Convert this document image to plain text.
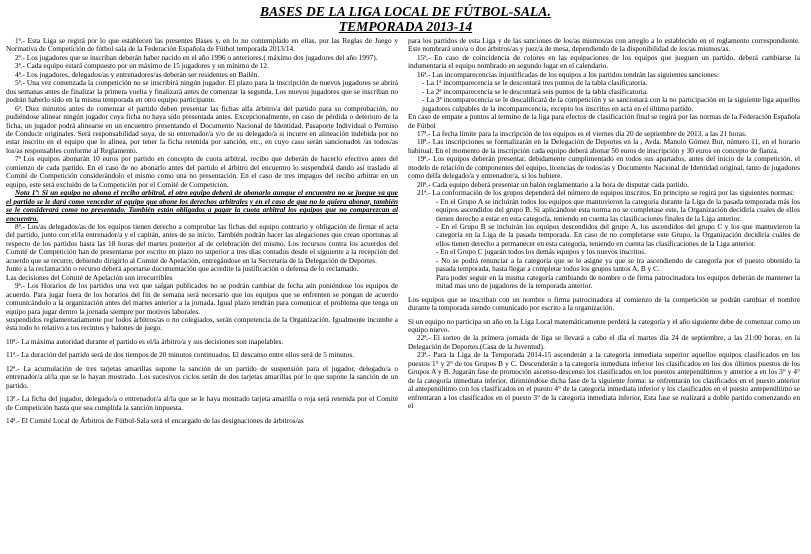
BASES DE LA LIGA LOCAL DE FÚTBOL-SALA.
TEMPORADA 2013-14

1ª.- Esta Liga se regirá por lo que establecen las presentes Bases y, en lo no contemplado en ellas, por las Reglas de Juego y Normativa de Competición de fútbol sala de la Federación Española de Fútbol temporada 2013/14.

2ª.- Los jugadores que se inscriban deberán haber nacido en el año 1996 o anteriores.( máximo dos jugadores del año 1997).

3ª.- Cada equipo estará compuesto por un máximo de 15 jugadores y un mínimo de 12.

4ª.- Los jugadores, delegados/as y entrenadores/as deberán ser residentes en Bailén.

5ª.- Una vez comenzada la competición no se inscribirá ningún jugador. El plazo para la inscripción de nuevos jugadores se abrirá dos semanas antes de finalizar la primera vuelta y finalizará antes de comenzar la segunda. Los nuevos jugadores que se inscriban no podrán haberlo sido en la misma temporada en otro equipo participante.

6ª. Diez minutos antes de comenzar el partido deben presentar las fichas alfa árbitro/a del partido para su comprobación, no pudiéndose alinear ningún jugador cuya ficha no haya sido presentada antes. Excepcionalmente, en caso de pérdida o deterioro de la ficha, un jugador podrá alinearse en un encuentro presentando el Documento Nacional de Identidad, Pasaporte Individual o Permiso de Conducir originales. Será responsabilidad suya, de su entrenador/a y/o de su delegado/a si incurre en alineación indebida por no estar inscrito en el equipo que lo alinea, por tener la ficha retenida por sanción, etc., en cuyo caso serán sancionados /as todos/as los/as responsables conforme al Reglamento.

7ª Los equipos abonarán 10 euros por partido en concepto de cuota arbitral, recibo que deberán de hacerlo efectivo antes del comienzo de cada partido. En el caso de no abonarlo antes del partido el árbitro del encuentro lo suspenderá dando así traslado al Comité de Competición considerándolo el mismo como una no presentación. En el caso de tres impagos del recibo arbitrar en un equipo, este será excluido de la Competición por el Comité de Competición.

Nota 1ª: Si un equipo no abona el recibo arbitral, el otro equipo deberá de abonarlo aunque el encuentro no se juegue ya que el partido se le dará como vencedor al equipo que abone los derechos arbitrales y en el caso de que no lo quiera abonar, también se le considerará como no presentado. También están obligados a pagar la cuota arbitral los equipos que no comparezcan al encuentro.

8ª.- Los/as delegados/as de los equipos tienen derecho a comprobar las fichas del equipo contrario y obligación de firmar el acta del partido, junto con el/la entrenador/a y el capitán, antes de su inicio. También podrán hacer las alegaciones que crean oportunas al respecto de los partidos hasta las 18 horas del martes posterior al de celebración del mismo. Los recursos contra los acuerdos del Comité de Competición han de presentarse por escrito en plazo no superior a tres días contados desde el siguiente a la recepción del acuerdo que se recurre, debiendo dirigirlo al Comité de Apelación, entregándose en la Secretaría de la Delegación de Deportes.

Junto a la reclamación o recurso deberá aportarse documentación que acredite la justificación o defensa de lo reclamado.

Las decisiones del Comité de Apelación son irrecurribles

9ª.- Los Horarios de los partidos una vez que salgan publicados no se podrán cambiar de fecha aún poniéndose los equipos de acuerdo. Para jugar fuera de los horarios del fin de semana será necesario que los equipos que se enfrenten se pongan de acuerdo comunicándolo a la organización antes del martes anterior a la jornada. Igual plazo tendrán para comunicar el problema que tenga un equipo para jugar dentro la jornada siempre por motivos laborales.

suspendidos reglamentariamente por lodos árbitros/as o no colegiados, serán competencia de la Organización. Igualmente incumbe a ésta todo lo relativo a tos recintos y balones de juego.

10ª.- La máxima autoridad durante el partido es el/la árbitro/a y sus decisiones son inapelables.

11ª.- La duración del partido será de dos tiempos de 20 minutos continuados. El descanso entre ellos será de 5 minutos.

12ª.- La acumulación de tres tarjetas amarillas supone la sanción de un partido de suspensión para el jugador, delegado/a o entrenador/a al/la que se le hayan mostrado. Los sucesivos ciclos serán de dos tarjetas amarillas por lo que supone la sanción de un partido.

13ª.- La ficha del jugador, delegado/a o entrenador/a al/la que se le haya mostrado tarjeta amarilla o roja será retenida por el Comité de Competición hasta que sea cumplida la sanción impuesta.

14ª.- El Comité Local de Árbitros de Fútbol-Sala será el encargado de las designaciones de árbitros/as

para los partidos de esta Liga y de las sanciones de los/as mismos/as con arreglo a lo establecido en el reglamento correspondiente. Este nombrará uno/a o dos árbitros/as y juez/a de mesa, dependiendo de la disponibilidad de los/as mismos/as.

15ª.- En caso de coincidencia de colores en las equipaciones de los equipos que jueguen un partido, deberá cambiarse la indumentaria el equipo nombrado en segundo lugar en el calendario.

16ª.- Las incomparecencias injustificadas de los equipos a los partidos tendrán las siguientes sanciones:

- La 1ª incomparecencia se le descontará tres puntos de la tabla clasificatoria.

- La 2ª incomparecencia se le descontará seis puntos de la tabla clasificatoria.

- La 3ª incomparecencia se le descalificará de la competición y se sancionará con la no participación en la siguiente liga aquellos jugadores culpables de la incomparecencia, excepto los inscritos en acta en el último partido.

En caso de empate a puntos al termino de la liga para efectos de clasificación final se regirá por las normas de la Federación Española de Fútbol

17ª.- La fecha límite para la inscripción de los equipos es el viernes día 20 de septiembre de 2013, a las 21 horas.

18ª.- Las inscripciones se formalizarán en la Delegación de Deportes en la , Avda. Manolo Gómez Bur, número 11, en el horario habitual. En el momento de la inscripción cada equipo deberá abonar 50 euros de inscripción y 30 euros en concepto de fianza.

19ª.- Los equipos deberán presentar, debidamente cumplimentado en todos sus apartados, antes del inicio de la competición, el modelo de relación de componentes del equipo, licencias de todos/as y Documento Nacional de Identidad original, tanto de jugadores como delfa delegado/a y entrenador/a, si los hubiere.

20ª.- Cada equipo deberá presentar un balón reglamentario a la hora de disputar cada partido.

21ª.- La conformación de los grupos dependerá del número de equipos inscritos. En principio se regirá por las siguientes normas:

- En el Grupo A se incluirán todos los equipos que mantuvieron la categoría durante la Liga de la pasada temporada más los equipos ascendidos del grupo B. Si aplicándose esta norma no se completase este, la Organización decidiría cuales de ellos tienen derecho a estar en esta categoría, teniendo en cuenta las clasificaciones finales de la Liga anterior.

- En el Grupo B se incluirán los equipos descendidos del grupo A, los ascendidos del grupo C y los que mantuvieron la categoría en la Liga de la pasada temporada. En caso de no completarse este Grupo, la Organización decidiría cuáles de ellos tienen derecho a permanecer en esta categoría, teniendo en cuenta las clasificaciones de la Liga anterior.

- En el Grupo C jugarán todos los demás equipos y los nuevos inscritos.

- No se podrá renunciar a la categoría que se le asigne ya que se ira ascendiendo de categoría por el puesto obtenido la pasada temporada, hasta llegar a completar todos los grupos tantos A, B y C.

Para poder seguir en la misma categoría cambiando de nombre o de firma patrocinadora los equipos deberán de mantener la mitad mas uno de jugadores de la temporada anterior.

Los equipos que se inscriban con un nombre o firma patrocinadora al comienzo de la competición se podrán cambiar el nombre durante la temporada siendo comunicado por escrito a la organización.

Si un equipo no participa un año en la Liga Local matemáticamente perderá la categoría y el año siguiente debe de comenzar como un equipo nuevo.

22ª.- El sorteo de la primera jornada de liga se llevará a cabo el día el martes día 24 de septiembre, a las 21:00 horas, en la Delegación de Deportes.(Casa de la Juventud).

23ª.- Para la Liga de la Temporada 2014-15 ascenderán a la categoría inmediata superior aquellos equipos clasificados en los puestos 1° y 2° de tos Grupos B y C. Descenderán a la categoría inmediata inferior los clasificados en los dos últimos puestos de los Grupos A y B. Jugarán fase de promoción ascenso-descenso los clasificados en los puestos antepenúltimos y anterior a en los 3° y 4° de la categoría inmediata inferior, dirimiéndose dicha fase de la siguiente forma: se enfrentarán los clasificados en el puesto anterior al antepenúltimo con los clasificados en el puesto 4° de la categoría inmediata inferior y los clasificados en el puesto antepenúltimo se enfrentaran a los clasificados en el puesto 3° de la categoría inmediata inferior, Esta fase se realizará a doble partido comenzando en el
